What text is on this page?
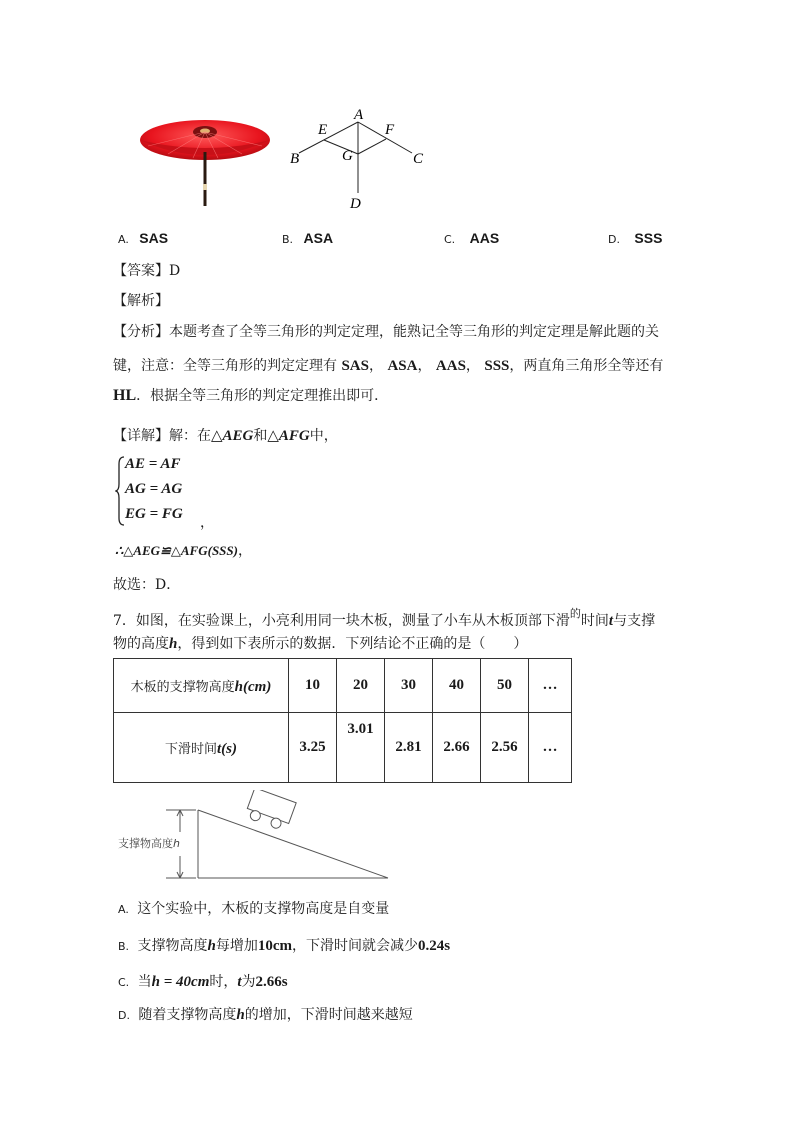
A
E	F
B	G	C
D
A. SAS	B. ASA	C. AAS	D. SSS
【答案】D
【解析】
【分析】本题考查了全等三角形的判定定理，能熟记全等三角形的判定定理是解此题的关
键，注意：全等三角形的判定定理有 SAS， ASA， AAS， SSS，两直角三角形全等还有
HL．根据全等三角形的判定定理推出即可．
【详解】解：在△AEG和△AFG中，
AE = AF
AG = AG
EG = FG
，
∴△AEG≌△AFG(SSS)，
故选：D．
7．如图，在实验课上，小亮利用同一块木板，测量了小车从木板顶部下滑$^的$时间t与支撑
物的高度h，得到如下表所示的数据．下列结论不正确的是（　　）
木板的支撑物高度h(cm)	10	20	30	40	50	…
下滑时间t(s)	3.25	3.01	2.81	2.66	2.56	…
支撑物高度h
A. 这个实验中，木板的支撑物高度是自变量
B. 支撑物高度h每增加10cm，下滑时间就会减少0.24s
C. 当h = 40cm时，t为2.66s
D. 随着支撑物高度h的增加，下滑时间越来越短
